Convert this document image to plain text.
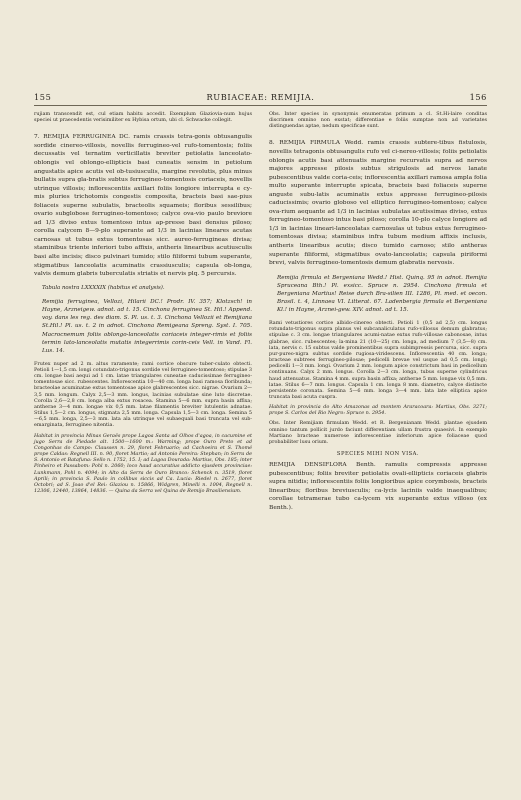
155	RUBIACEAE: REMIJIA.	156

rujiam transcendit est, cul etiam habitu accedit. Exemplum Glaziovia-num hujus speciei ut praecedentis verisimiliter ex Hybisa ortum, ubi cl. Schwacke collegit.

7. REMIJIA FERRUGINEA DC. ramis crassis tetra-gonis obtusangulis sordide cinereo-villosis, novellis ferrugineo-vel rufo-tomentosis; foliis decussatis vel ternatim verticillatis breviter petiolatis lanceolato-oblongis vel oblongo-ellipticis basi cuneatis sensim in petiolum angustatis apice acutis vel ob-tusiusculis, margine revolutis, plus minus bullatis supra gla-bratis subtus ferrugineo-tomentosis coriaceis, novellis utrinque villosis; inflorescentiis axillari foliis longiore interrupta e cy-mis pluries trichotomis congestis composita, bracteis basi sae-pius foliaceis superne subulatis, bracteolis squameis; floribus sessilibus; ovario subglobose ferrugineo-tomentoso; calyce ova-vio paulo breviore ad 1/3 diviso extus tomentoso intus ap-presse basi densius piloso; corolla calycem 8—9-plo superante ad 1/3 in lacinias lineares acutas carnosas ut tubus extus tomentosas sicc. aureo-ferrugineas divisa; staminibus triente inferiori tubo affixis, antheris linearibus acutiusculis basi alte incisis; disco pulvinari tumido; stilo filiformi tubum superante, stigmatibus lanceolatis acuminatis crassiusculis; capsula ob-longa, valvis demum glabris tuberculatis striatis et nervis plq. 5 percursis.

Tabula nostra LXXXXIX (habitus et analysis).

Remijia ferruginea, Vellozi, Hilarii DC.! Prodr. IV. 357; Klotzsch! in Hayne, Arzneigew. adnot. ad t. 15. Cinchona ferruginea St. Hil.! Append. voy. dans les reg. des diam. S. Pl. us. t. 3. Cinchona Vellozii et Remijiana St.Hil.! Pl. us. t. 2 in adnot. Cinchona Remigeana Spreng. Syst. I. 705. Macrocnemum foliis oblongo-lanceolatis coriaceis integer-rimis et foliis termin lato-lanceolatis mutatis integerrimis corin-ceis Vell. in Vand. Fl. Lus. 14.

Frutex nuper ad 2 m. altus raramente; rami cortice obscure tuber-culato obtecti. Petioli 1—1,5 cm. longi cotundato-trigonus sordide vel ferrugineo-tomentoso; stipulae 3 cm. longae basi aequi ad 1 cm. latae triangulares cuneatae caducissimae ferrugineo-tomentosae sicc. rubescentes. Inflorescentia 10—40 cm. longa basi ramosa floribunda; bracteolae acuminatae extus tomentosae apice glabrescentes sicc. nigrae. Ovarium 2—3,5 mm. longum. Calyx 2,5—3 mm. longus, lacinias subulatae sine luto discretae. Corolla 2,6—2,8 cm. longa alba extus rosacea. Stamina 5—6 mm. supra basin affixa; antherae 3—4 mm. longae vix 0,5 mm. latae filamentis breviter lutulentis adnatae. Stilus 1,5—2 cm. longus, stigmata 2,5 mm. longa. Capsula 1,5—3 cm. longa. Semina 5—6,5 mm. longa, 2,5—3 mm. lata ala utrinque vel subaequali basi truncata vel sub-emarginata, ferrugineo nitentia.

Habitat in provincia Minas Geraës prope Lagoa Santa ad Olhos d'agoa, in cacumine et jugo Serra de Piedade alt. 1500—1600 m.: Warming; prope Ouro Preto et ad Congonhas do Campo: Claussen n. 29, floret Februario; ad Cachoeira et S. Thomé prope Caldas: Regnell III. n. 90, floret Martio; ad Antonio Pereira: Stephan; in Serra de S. Antonio et Batafuna: Sello n. 1752, 15. I; ad Lagoa Dourada: Martius, Obs. 185; inter Pinheiro et Passabom: Pohl n. 2060; loco haud accuratius addicto ejusdem provinciae: Lunkmann, Pohl n. 4094; in Alto da Serra de Ouro Branco: Schenck n. 3519, floret Aprili; in provincia S. Paulo in collibus siccis ad Ca. Lucia: Riedel n. 2677, floret Octobri; ad S. Joao d'el Rei: Glaziou n. 15866, Widgren, Minelli n. 1004, Regnell n. 12306, 12440, 13864, 14836. — Quina da Serra vel Quina de Remijo Brasiliensium.

Obs. Inter species in synonymis enumeratas primum a cl. St.Hi-laire conditas discrimen omnino non exstat; differentiae e foliis sumptae non ad varietates distinguendas aptae, nedum specificae sunt.

8. REMIJIA FIRMULA Wedd. ramis crassis subtere-tibus fistulosis, novellis tetragonis obtusangulis rufo vel ci-nereo-villosis; foliis petiolatis oblongis acutis basi attenuatis margine recurvatis supra ad nervos majores appresse pilosis subtus strigulosis ad nervos lanate pubescentibus valde coria-ceis; inflorescentia axillari ramosa ampla folia multo superante interrupte spicata, bracteis basi foliaceis superne anguste subu-latis acuminatis extus appresse ferrugineo-pilosis caducissimis; ovario globoso vel elliptico ferrugineo-tomentoso; calyce ova-rium aequante ad 1/3 in lacinias subulatas acutissimas diviso, extus ferrugineo-tomentoso intus basi piloso; corolla 10-plo calyce longiore ad 1/3 in lacinias lineari-lanceolatas carnosulas ut tubus extus ferrugineo-tomentosas divisa; staminibus infra tubum medium affixis inclusis, antheris linearibus acutis; disco tumido carnoso; stilo antheras superante filiformi, stigmatibus ovato-lanceolatis; capsula piriformi brevi, valvis ferrugineo-tomentosis demum glabratis nervosis.

Remijia firmula et Bergeniana Wedd.! Hist. Quinq. 95 in adnot. Remijia Spruceana Bth.! Pl. exsicc. Spruce n. 2954. Cinchona firmula et Bergeniana Martius! Reise durch Bra-silien III. 1286, Pl. med. et oecon. Brasil. t. 4, Linnaea VI. Litterat. 67. Ladenbergia firmula et Bergeniana Kl.! in Hayne, Arznei-gew. XIV. adnot. ad t. 15.

Rami vetustiores cortice albido-cinereo obtecti. Petioli 1 (0,5 ad 2,5) cm. longus rotundato-trigonus supra planus vel subcanaliculatus rufo-villosus demum glabratus; stipulae c. 3 cm. longae triangulares acumi-natae extus rufo-villosae cabonosae, intus glabrae, sicc. rubescentes; la-mina 21 (10—25) cm. longa, ad medium 7 (3,5—8) cm. lata, nervis c. 15 subtus valde prominentibus supra subimpressis percursa, sicc. supra pur-pureo-nigra subtus sordide rugiosa-viridescens. Inflorescentia 40 cm. longa; bracteae subtrees ferrugineo-pilosae; pedicelli brevae vel usque ad 0,5 cm. longi; pedicelli 1—3 mm. longi. Ovarium 2 mm. longum apice constrictum basi in pedicellum continuans. Calyx 2 mm. longus. Corolla 2—3 cm. longa, tubus superne cylindricus haud attenuatus. Stamina 4 mm. supra basin affixa; antherae 5 mm. longae vix 0,5 mm. latae. Stilus 6—7 mm. longus. Capsula 1 cm. longa 8 mm. diametro, calyce distincte persistente coronata. Semina 5—6 mm. longa 3—4 mm. lata late elliptica apice truncata basi acuta cuspra.

Habitat in provincia do Alto Amazonas ad montem Araracoara: Martius, Obs. 3271; prope S. Carlos del Rio Negro: Spruce n. 2954.

Obs. Inter Remijiam firmulam Wedd. et R. Bergenianam Wedd. plantae ejusdem omnino tantum pollicit jurdo faciunt differentiam ullam frustra quaesivi. In exemplo Martiano bracteae numerose inflorescentiae inferiorum apice foliaceae quod probabiliter lusu orium.

SPECIES MIHI NON VISA.

REMIJIA DENSIFLORA Benth. ramulis compressis appresse pubescentibus; foliis breviter petiolatis ovali-ellipticis coriaceis glabris supra nitidis; inflorescentiis foliis longioribus apice corymbosis, bracteis linearibus; floribus breviusculis; ca-lycis laciniis valde inaequalibus; corollae tetramerae tubo ca-lycem vix superante extus villoso (ex Benth.).
